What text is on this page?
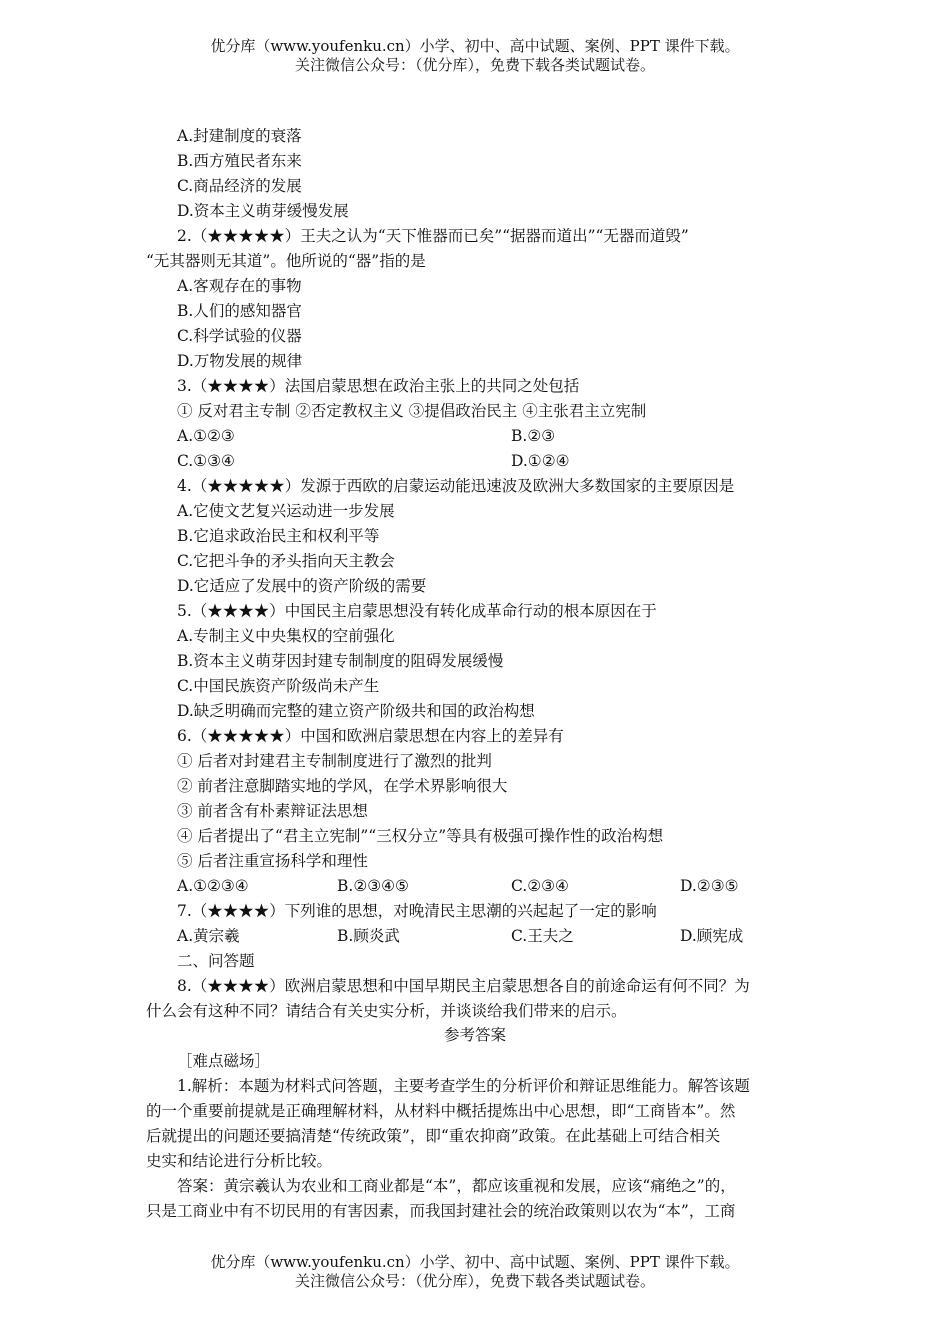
优分库（www.youfenku.cn）小学、初中、高中试题、案例、PPT 课件下载。
关注微信公众号：（优分库），免费下载各类试题试卷。
A.封建制度的衰落
B.西方殖民者东来
C.商品经济的发展
D.资本主义萌芽缓慢发展
2.（★★★★★）王夫之认为“天下惟器而已矣”“据器而道出”“无器而道毁”
“无其器则无其道”。他所说的“器”指的是
A.客观存在的事物
B.人们的感知器官
C.科学试验的仪器
D.万物发展的规律
3.（★★★★）法国启蒙思想在政治主张上的共同之处包括
① 反对君主专制 ②否定教权主义 ③提倡政治民主 ④主张君主立宪制
A.①②③	B.②③
C.①③④	D.①②④
4.（★★★★★）发源于西欧的启蒙运动能迅速波及欧洲大多数国家的主要原因是
A.它使文艺复兴运动进一步发展
B.它追求政治民主和权利平等
C.它把斗争的矛头指向天主教会
D.它适应了发展中的资产阶级的需要
5.（★★★★）中国民主启蒙思想没有转化成革命行动的根本原因在于
A.专制主义中央集权的空前强化
B.资本主义萌芽因封建专制制度的阻碍发展缓慢
C.中国民族资产阶级尚未产生
D.缺乏明确而完整的建立资产阶级共和国的政治构想
6.（★★★★★）中国和欧洲启蒙思想在内容上的差异有
① 后者对封建君主专制制度进行了激烈的批判
② 前者注意脚踏实地的学风，在学术界影响很大
③ 前者含有朴素辩证法思想
④ 后者提出了“君主立宪制”“三权分立”等具有极强可操作性的政治构想
⑤ 后者注重宣扬科学和理性
A.①②③④	B.②③④⑤	C.②③④	D.②③⑤
7.（★★★★）下列谁的思想，对晚清民主思潮的兴起起了一定的影响
A.黄宗羲	B.顾炎武	C.王夫之	D.顾宪成
二、问答题
8.（★★★★）欧洲启蒙思想和中国早期民主启蒙思想各自的前途命运有何不同？为
什么会有这种不同？请结合有关史实分析，并谈谈给我们带来的启示。
参考答案
［难点磁场］
1.解析：本题为材料式问答题，主要考查学生的分析评价和辩证思维能力。解答该题
的一个重要前提就是正确理解材料，从材料中概括提炼出中心思想，即“工商皆本”。然
后就提出的问题还要搞清楚“传统政策”，即“重农抑商”政策。在此基础上可结合相关
史实和结论进行分析比较。
答案：黄宗羲认为农业和工商业都是“本”，都应该重视和发展，应该“痛绝之”的，
只是工商业中有不切民用的有害因素，而我国封建社会的统治政策则以农为“本”，工商
优分库（www.youfenku.cn）小学、初中、高中试题、案例、PPT 课件下载。
关注微信公众号：（优分库），免费下载各类试题试卷。
